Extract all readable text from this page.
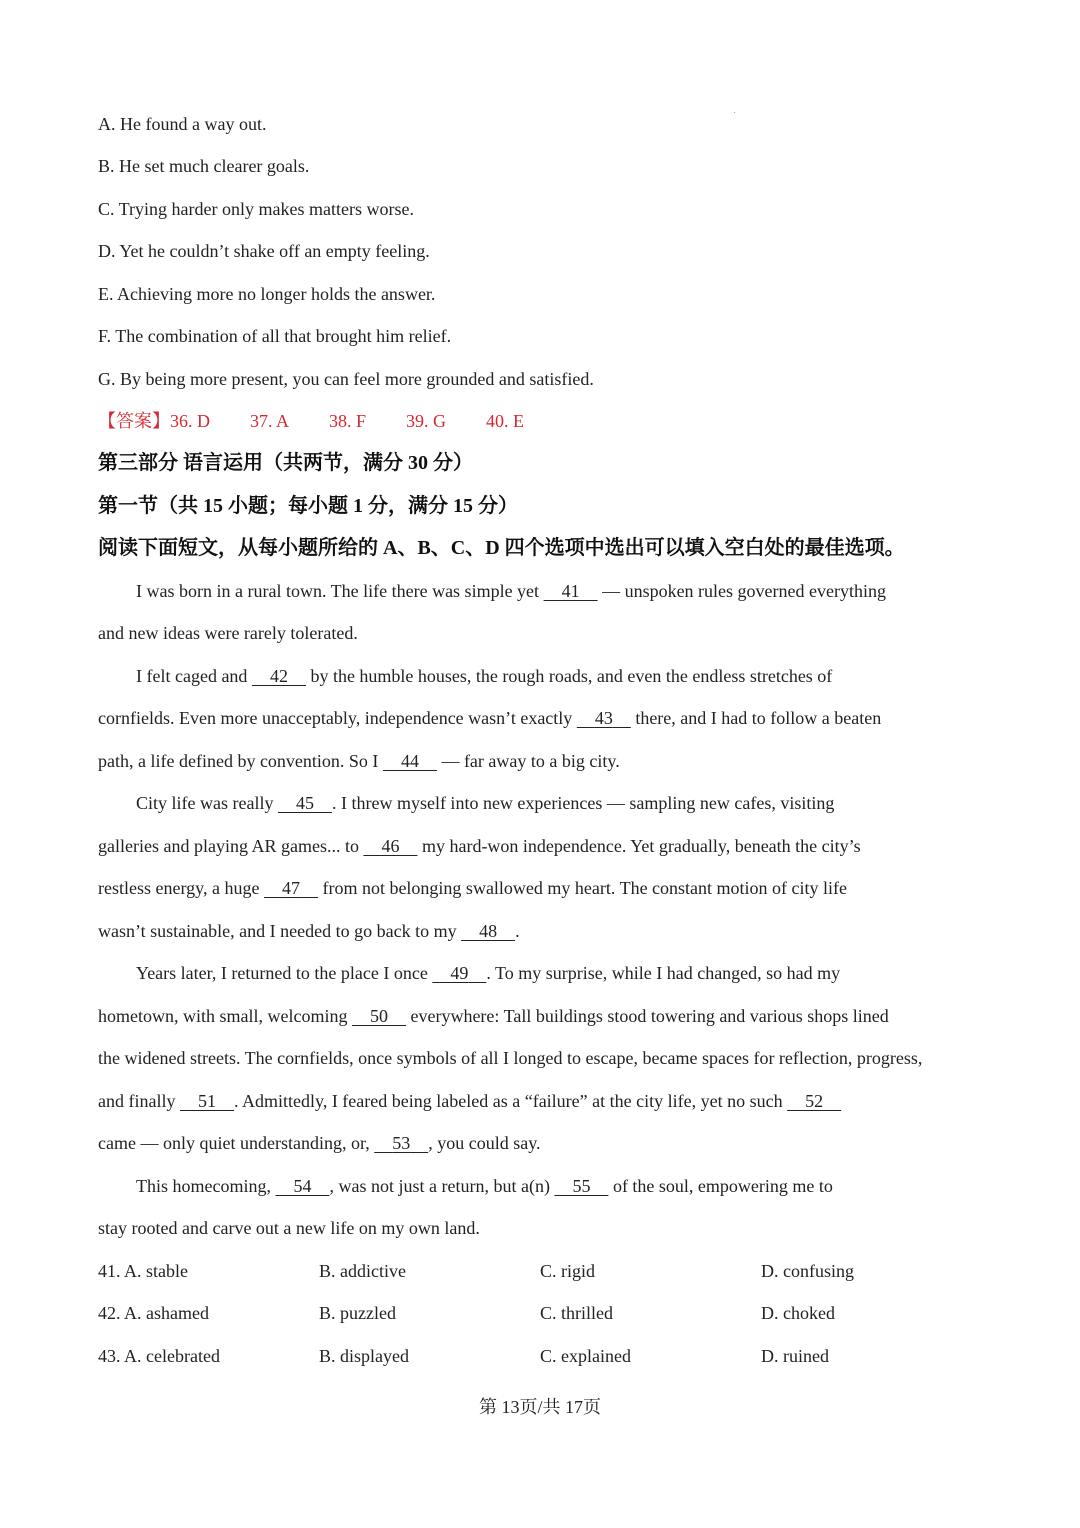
A. He found a way out.
B. He set much clearer goals.
C. Trying harder only makes matters worse.
D. Yet he couldn’t shake off an empty feeling.
E. Achieving more no longer holds the answer.
F. The combination of all that brought him relief.
G. By being more present, you can feel more grounded and satisfied.
【答案】36. D 37. A 38. F 39. G 40. E
第三部分 语言运用（共两节，满分 30 分）
第一节（共 15 小题；每小题 1 分，满分 15 分）
阅读下面短文，从每小题所给的 A、B、C、D 四个选项中选出可以填入空白处的最佳选项。
I was born in a rural town. The life there was simple yet     41     — unspoken rules governed everything
and new ideas were rarely tolerated.
I felt caged and     42     by the humble houses, the rough roads, and even the endless stretches of
cornfields. Even more unacceptably, independence wasn’t exactly     43     there, and I had to follow a beaten
path, a life defined by convention. So I     44     — far away to a big city.
City life was really     45 . I threw myself into new experiences — sampling new cafes, visiting
galleries and playing AR games... to     46     my hard-won independence. Yet gradually, beneath the city’s
restless energy, a huge     47     from not belonging swallowed my heart. The constant motion of city life
wasn’t sustainable, and I needed to go back to my     48 .
Years later, I returned to the place I once     49 . To my surprise, while I had changed, so had my
hometown, with small, welcoming     50     everywhere: Tall buildings stood towering and various shops lined
the widened streets. The cornfields, once symbols of all I longed to escape, became spaces for reflection, progress,
and finally     51 . Admittedly, I feared being labeled as a “failure” at the city life, yet no such     52
came — only quiet understanding, or,     53 , you could say.
This homecoming,     54 , was not just a return, but a(n)     55     of the soul, empowering me to
stay rooted and carve out a new life on my own land.
41. A. stable	B. addictive	C. rigid	D. confusing
42. A. ashamed	B. puzzled	C. thrilled	D. choked
43. A. celebrated	B. displayed	C. explained	D. ruined
第 13页/共 17页
